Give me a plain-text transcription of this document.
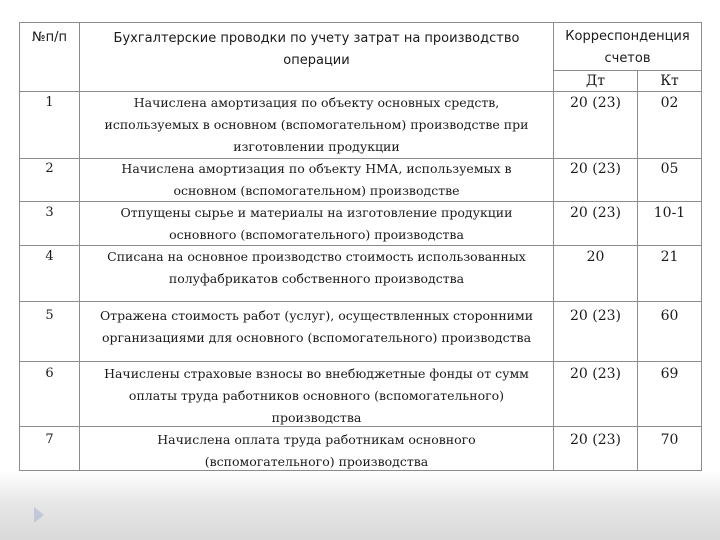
№п/п	Бухгалтерские проводки по учету затрат на производство
операции
Корреспонденция
счетов
Дт	Кт
1	Начислена амортизация по объекту основных средств,
используемых в основном (вспомогательном) производстве при
изготовлении продукции
20 (23)	02
2	Начислена амортизация по объекту НМА, используемых в
основном (вспомогательном) производстве
20 (23)	05
3	Отпущены сырье и материалы на изготовление продукции
основного (вспомогательного) производства
20 (23) 10-1
4	Списана на основное производство стоимость использованных
полуфабрикатов собственного производства
20	21
5	Отражена стоимость работ (услуг), осуществленных сторонними
организациями для основного (вспомогательного) производства
20 (23)	60
6	Начислены страховые взносы во внебюджетные фонды от сумм
оплаты труда работников основного (вспомогательного)
производства
20 (23)	69
7	Начислена оплата труда работникам основного
(вспомогательного) производства
20 (23)	70
